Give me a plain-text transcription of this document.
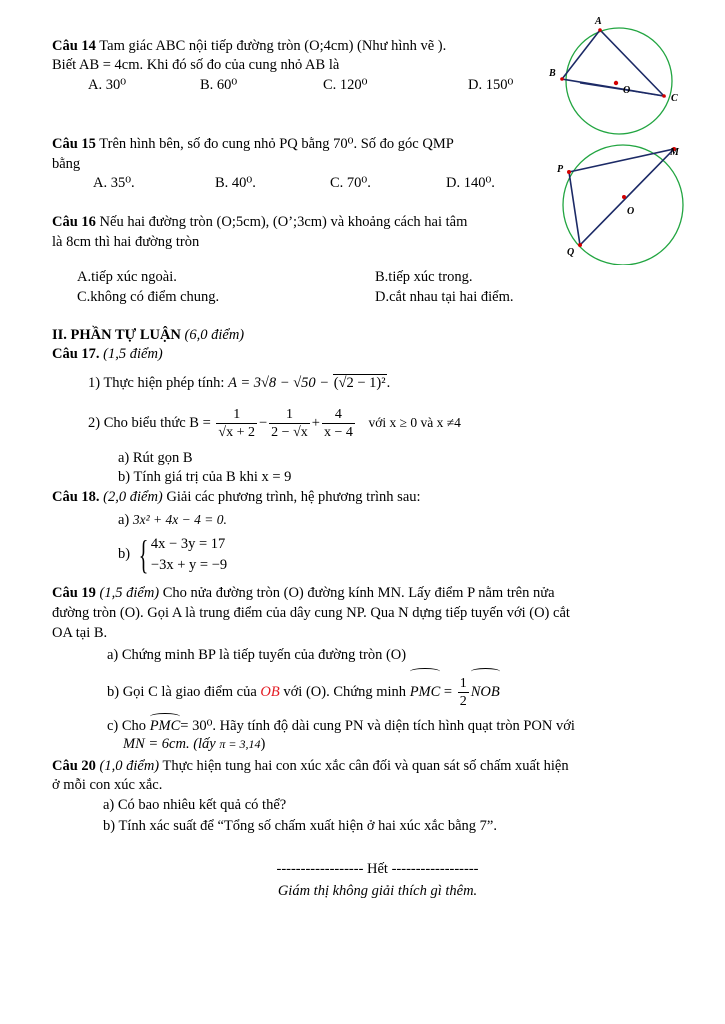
Câu 14 Tam giác ABC nội tiếp đường tròn (O;4cm) (Như hình vẽ ).
Biết AB = 4cm. Khi đó số đo của cung nhỏ AB là
A. 30⁰	B. 60⁰	C. 120⁰	D. 150⁰
A
B
O
C
Câu 15 Trên hình bên, số đo cung nhỏ PQ bằng 70⁰. Số đo góc QMP
bằng
A. 35⁰.	B. 40⁰.	C. 70⁰.	D. 140⁰.
M
P
O
Q
Câu 16 Nếu hai đường tròn (O;5cm), (O’;3cm) và khoảng cách hai tâm
là 8cm thì hai đường tròn
A.tiếp xúc ngoài.	B.tiếp xúc trong.
C.không có điểm chung.	D.cắt nhau tại hai điểm.
II. PHẦN TỰ LUẬN (6,0 điểm)
Câu 17. (1,5 điểm)
1) Thực hiện phép tính: A = 3√8 − √50 − (√2 − 1)².
2) Cho biểu thức $B = \frac{1}{√x + 2} - \frac{1}{2 - √x} + \frac{4}{x - 4}$ với x ≥ 0 và x ≠4
a) Rút gọn B
b) Tính giá trị của B khi x = 9
Câu 18. (2,0 điểm) Giải các phương trình, hệ phương trình sau:
a) 3x² + 4x − 4 = 0.
b) { 4x − 3y = 17
−3x + y = −9
Câu 19 (1,5 điểm) Cho nửa đường tròn (O) đường kính MN. Lấy điểm P nằm trên nửa
đường tròn (O). Gọi A là trung điểm của dây cung NP. Qua N dựng tiếp tuyến với (O) cắt
OA tại B.
a) Chứng minh BP là tiếp tuyến của đường tròn (O)
b) Gọi C là giao điểm của OB với (O). Chứng minh PMC = $\frac{1}{2}$ NOB
c) Cho PMC= 30⁰. Hãy tính độ dài cung PN và diện tích hình quạt tròn PON với
MN = 6cm. (lấy π = 3,14)
Câu 20 (1,0 điểm) Thực hiện tung hai con xúc xắc cân đối và quan sát số chấm xuất hiện
ở mỗi con xúc xắc.
a) Có bao nhiêu kết quả có thể?
b) Tính xác suất để “Tổng số chấm xuất hiện ở hai xúc xắc bằng 7”.
------------------ Hết ------------------
Giám thị không giải thích gì thêm.
